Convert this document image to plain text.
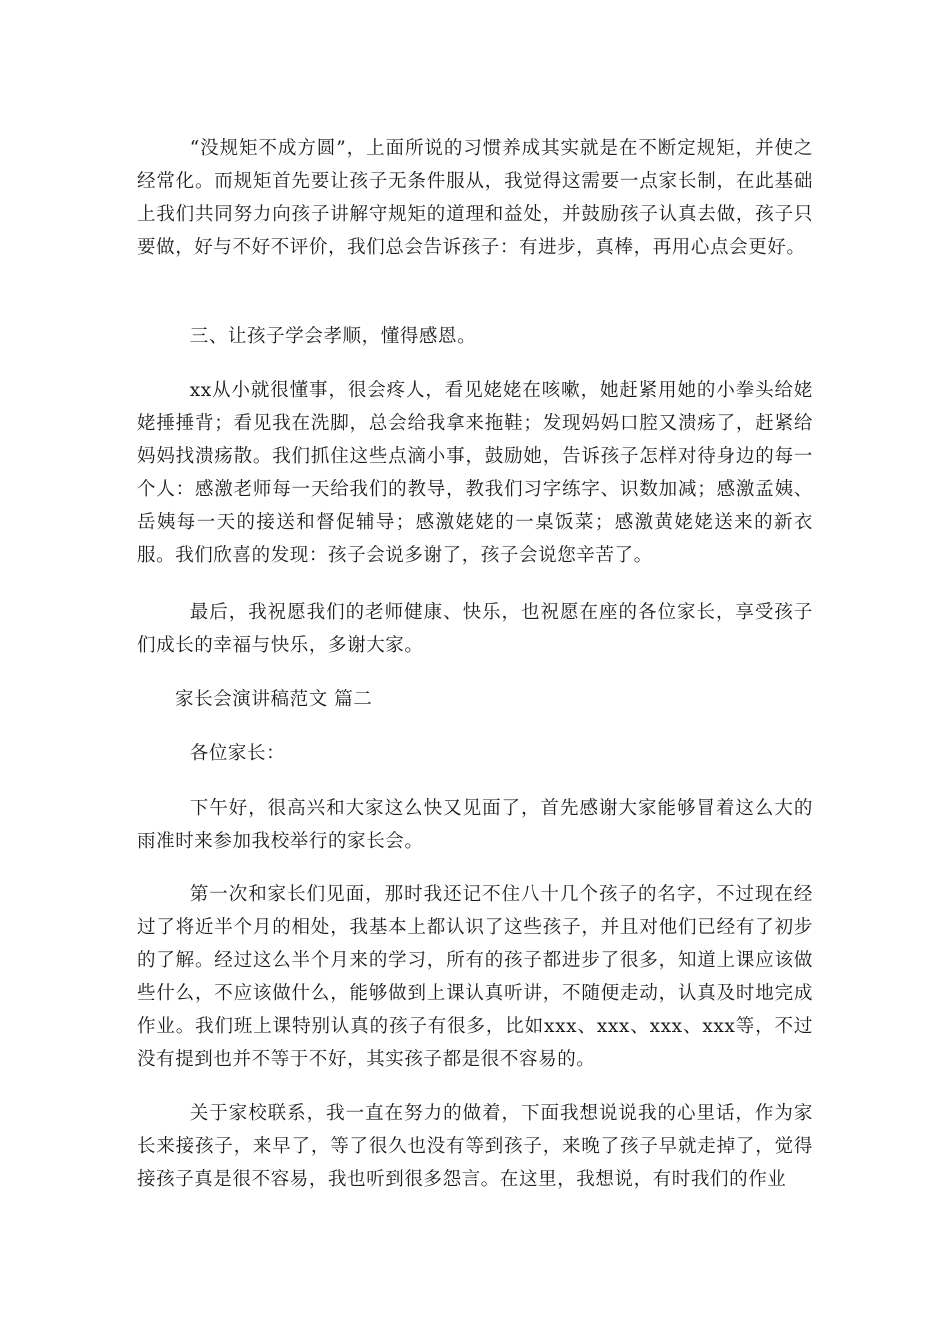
“没规矩不成方圆”，上面所说的习惯养成其实就是在不断定规矩，并使之经常化。而规矩首先要让孩子无条件服从，我觉得这需要一点家长制，在此基础上我们共同努力向孩子讲解守规矩的道理和益处，并鼓励孩子认真去做，孩子只要做，好与不好不评价，我们总会告诉孩子：有进步，真棒，再用心点会更好。

三、让孩子学会孝顺，懂得感恩。

xx从小就很懂事，很会疼人，看见姥姥在咳嗽，她赶紧用她的小拳头给姥姥捶捶背；看见我在洗脚，总会给我拿来拖鞋；发现妈妈口腔又溃疡了，赶紧给妈妈找溃疡散。我们抓住这些点滴小事，鼓励她，告诉孩子怎样对待身边的每一个人：感激老师每一天给我们的教导，教我们习字练字、识数加减；感激孟姨、岳姨每一天的接送和督促辅导；感激姥姥的一桌饭菜；感激黄姥姥送来的新衣服。我们欣喜的发现：孩子会说多谢了，孩子会说您辛苦了。

最后，我祝愿我们的老师健康、快乐，也祝愿在座的各位家长，享受孩子们成长的幸福与快乐，多谢大家。

家长会演讲稿范文 篇二

各位家长：

下午好，很高兴和大家这么快又见面了，首先感谢大家能够冒着这么大的雨准时来参加我校举行的家长会。

第一次和家长们见面，那时我还记不住八十几个孩子的名字，不过现在经过了将近半个月的相处，我基本上都认识了这些孩子，并且对他们已经有了初步的了解。经过这么半个月来的学习，所有的孩子都进步了很多，知道上课应该做些什么，不应该做什么，能够做到上课认真听讲，不随便走动，认真及时地完成作业。我们班上课特别认真的孩子有很多，比如xxx、xxx、xxx、xxx等，不过没有提到也并不等于不好，其实孩子都是很不容易的。

关于家校联系，我一直在努力的做着，下面我想说说我的心里话，作为家长来接孩子，来早了，等了很久也没有等到孩子，来晚了孩子早就走掉了，觉得接孩子真是很不容易，我也听到很多怨言。在这里，我想说，有时我们的作业
